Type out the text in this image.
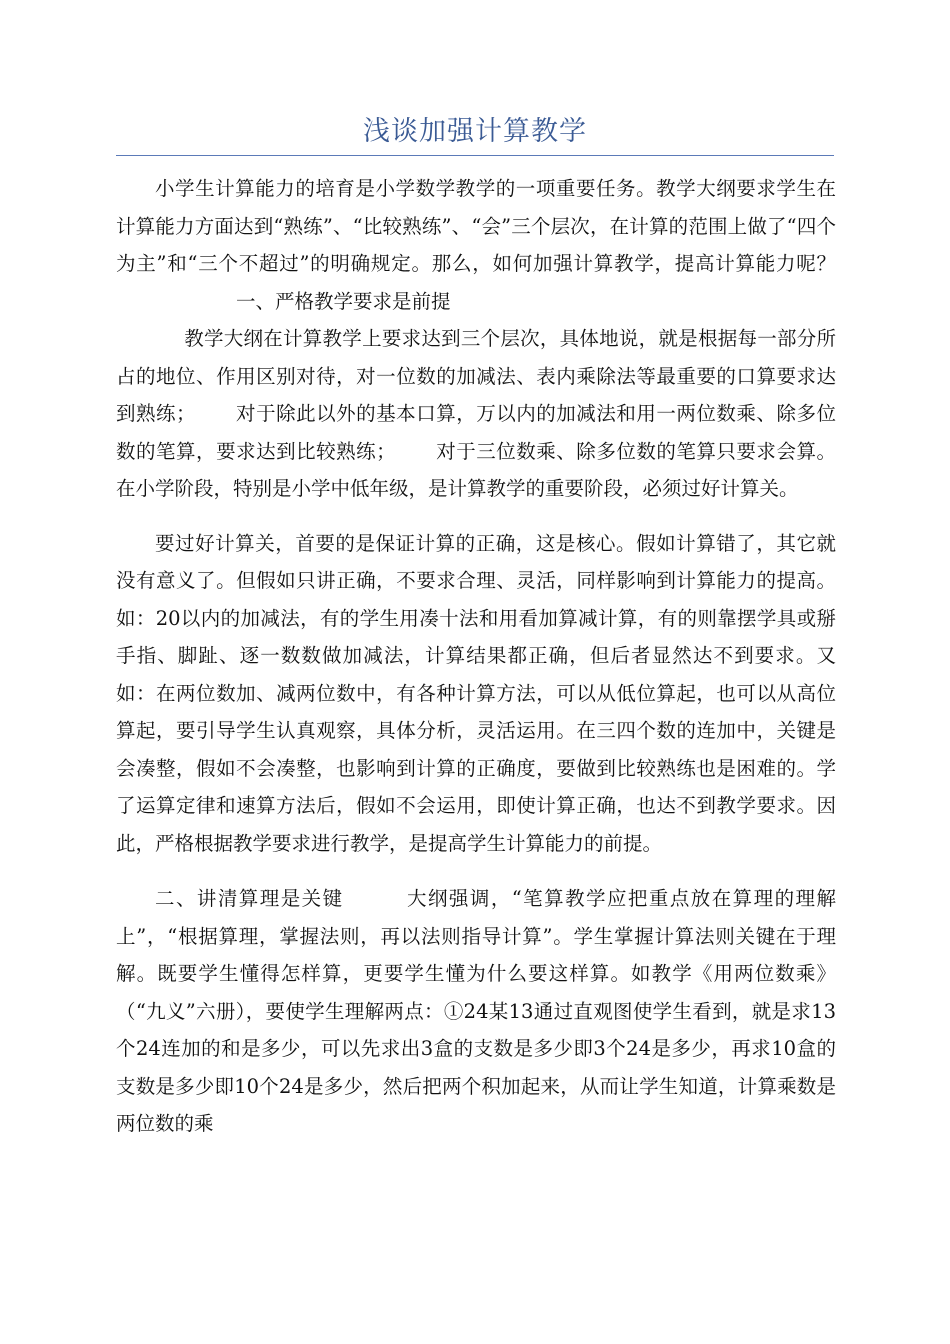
浅谈加强计算教学

小学生计算能力的培育是小学数学教学的一项重要任务。教学大纲要求学生在计算能力方面达到“熟练”、“比较熟练”、“会”三个层次，在计算的范围上做了“四个为主”和“三个不超过”的明确规定。那么，如何加强计算教学，提高计算能力呢？一、严格教学要求是前提

教学大纲在计算教学上要求达到三个层次，具体地说，就是根据每一部分所占的地位、作用区别对待，对一位数的加减法、表内乘除法等最重要的口算要求达到熟练； 对于除此以外的基本口算，万以内的加减法和用一两位数乘、除多位数的笔算，要求达到比较熟练； 对于三位数乘、除多位数的笔算只要求会算。在小学阶段，特别是小学中低年级，是计算教学的重要阶段，必须过好计算关。

要过好计算关，首要的是保证计算的正确，这是核心。假如计算错了，其它就没有意义了。但假如只讲正确，不要求合理、灵活，同样影响到计算能力的提高。如：20以内的加减法，有的学生用凑十法和用看加算减计算，有的则靠摆学具或掰手指、脚趾、逐一数数做加减法，计算结果都正确，但后者显然达不到要求。又如：在两位数加、减两位数中，有各种计算方法，可以从低位算起，也可以从高位算起，要引导学生认真观察，具体分析，灵活运用。在三四个数的连加中，关键是会凑整，假如不会凑整，也影响到计算的正确度，要做到比较熟练也是困难的。学了运算定律和速算方法后，假如不会运用，即使计算正确，也达不到教学要求。因此，严格根据教学要求进行教学，是提高学生计算能力的前提。

二、讲清算理是关键	大纲强调，“笔算教学应把重点放在算理的理解上”，“根据算理，掌握法则，再以法则指导计算”。学生掌握计算法则关键在于理解。既要学生懂得怎样算，更要学生懂为什么要这样算。如教学《用两位数乘》（“九义”六册），要使学生理解两点：①24某13通过直观图使学生看到，就是求13个24连加的和是多少，可以先求出3盒的支数是多少即3个24是多少，再求10盒的支数是多少即10个24是多少，然后把两个积加起来，从而让学生知道，计算乘数是两位数的乘
